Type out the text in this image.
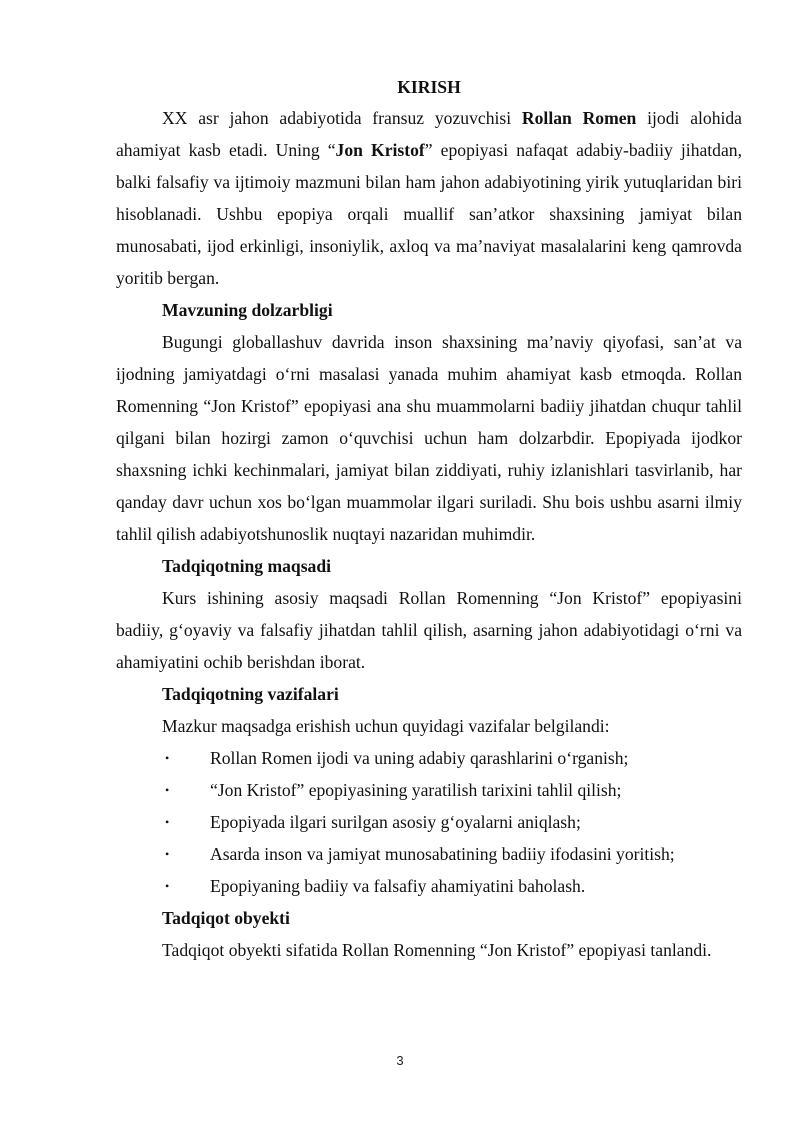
KIRISH

XX asr jahon adabiyotida fransuz yozuvchisi Rollan Romen ijodi alohida ahamiyat kasb etadi. Uning “Jon Kristof” epopiyasi nafaqat adabiy-badiiy jihatdan, balki falsafiy va ijtimoiy mazmuni bilan ham jahon adabiyotining yirik yutuqlaridan biri hisoblanadi. Ushbu epopiya orqali muallif san’atkor shaxsining jamiyat bilan munosabati, ijod erkinligi, insoniylik, axloq va ma’naviyat masalalarini keng qamrovda yoritib bergan.

Mavzuning dolzarbligi

Bugungi globallashuv davrida inson shaxsining ma’naviy qiyofasi, san’at va ijodning jamiyatdagi o‘rni masalasi yanada muhim ahamiyat kasb etmoqda. Rollan Romenning “Jon Kristof” epopiyasi ana shu muammolarni badiiy jihatdan chuqur tahlil qilgani bilan hozirgi zamon o‘quvchisi uchun ham dolzarbdir. Epopiyada ijodkor shaxsning ichki kechinmalari, jamiyat bilan ziddiyati, ruhiy izlanishlari tasvirlanib, har qanday davr uchun xos bo‘lgan muammolar ilgari suriladi. Shu bois ushbu asarni ilmiy tahlil qilish adabiyotshunoslik nuqtayi nazaridan muhimdir.

Tadqiqotning maqsadi

Kurs ishining asosiy maqsadi Rollan Romenning “Jon Kristof” epopiyasini badiiy, g‘oyaviy va falsafiy jihatdan tahlil qilish, asarning jahon adabiyotidagi o‘rni va ahamiyatini ochib berishdan iborat.

Tadqiqotning vazifalari

Mazkur maqsadga erishish uchun quyidagi vazifalar belgilandi:

• Rollan Romen ijodi va uning adabiy qarashlarini o‘rganish;
• “Jon Kristof” epopiyasining yaratilish tarixini tahlil qilish;
• Epopiyada ilgari surilgan asosiy g‘oyalarni aniqlash;
• Asarda inson va jamiyat munosabatining badiiy ifodasini yoritish;
• Epopiyaning badiiy va falsafiy ahamiyatini baholash.

Tadqiqot obyekti

Tadqiqot obyekti sifatida Rollan Romenning “Jon Kristof” epopiyasi tanlandi.

3
